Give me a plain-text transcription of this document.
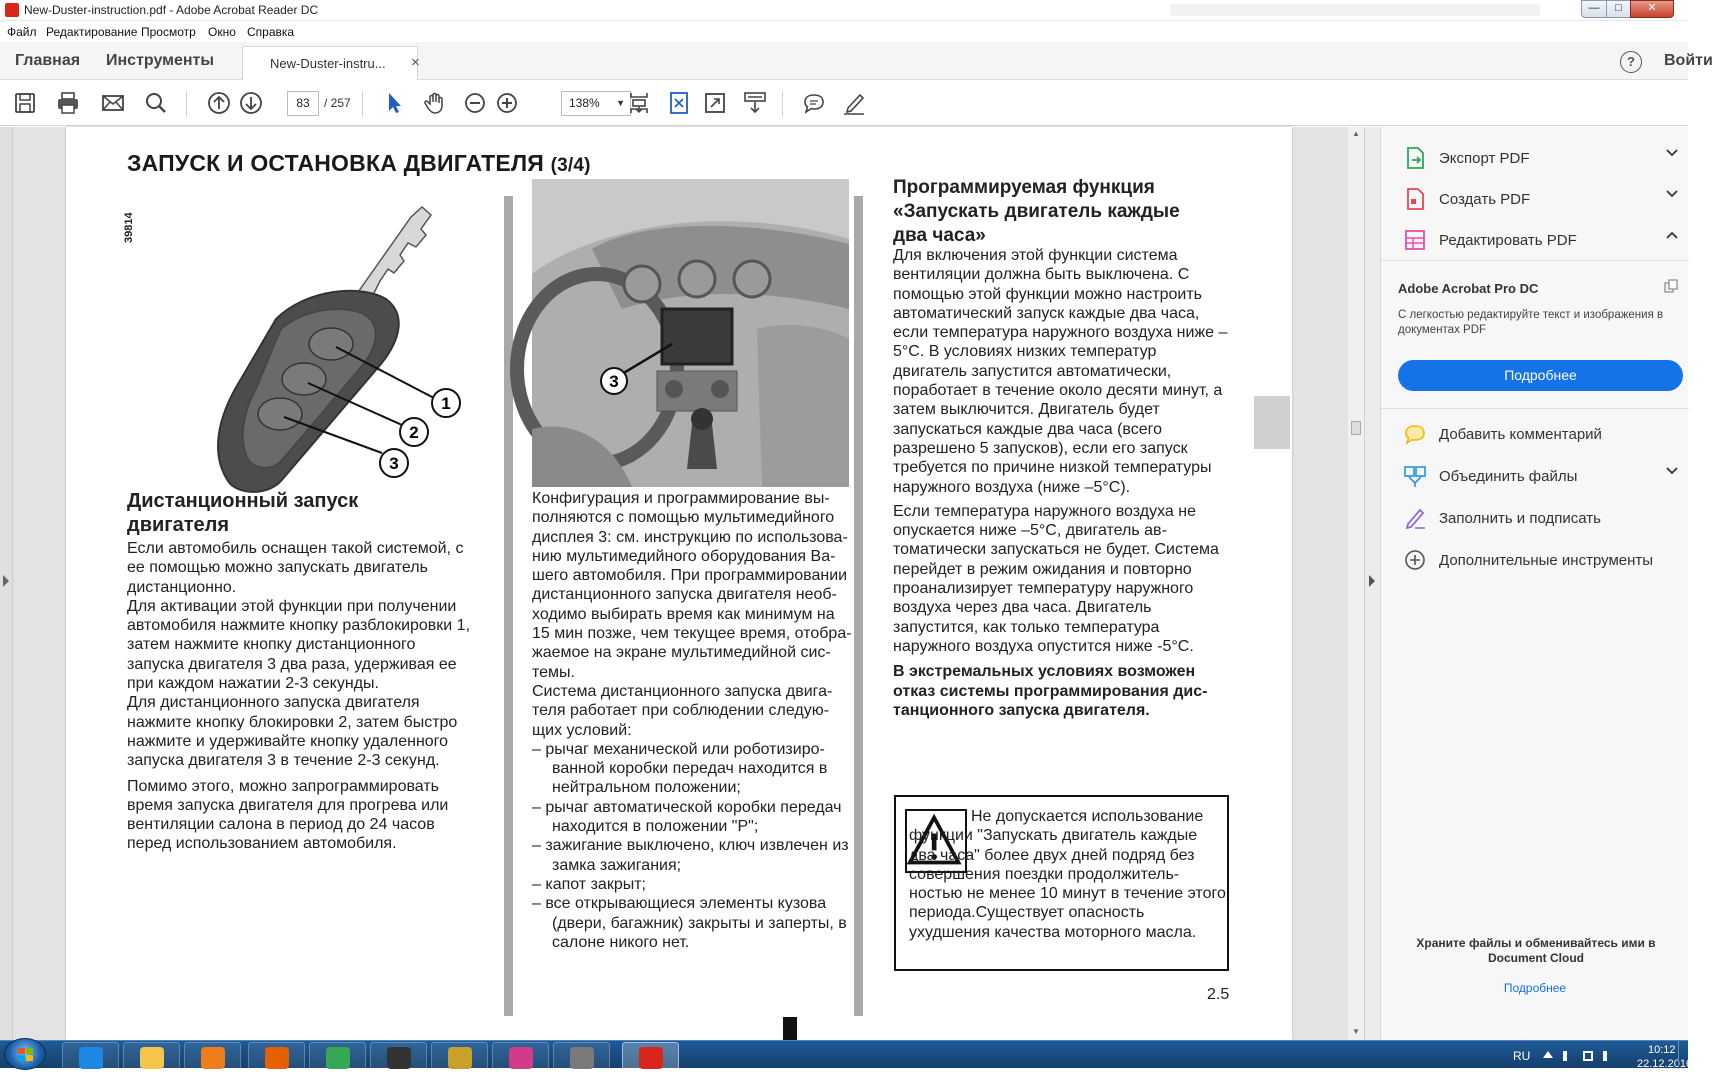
New-Duster-instruction.pdf - Adobe Acrobat Reader DC	—	□	✕
Файл Редактирование Просмотр Окно Справка
Главная Инструменты	New-Duster-instru... ×	?	Войти
83	/ 257	138% ▼
ЗАПУСК И ОСТАНОВКА ДВИГАТЕЛЯ (3/4)
39814
1
2
3
Дистанционный запуск двигателя

Если автомобиль оснащен такой системой, с ее помощью можно запускать двигатель дистанционно.

Для активации этой функции при получении автомобиля нажмите кнопку разблокировки 1, затем нажмите кнопку дистанционного запуска двигателя 3 два раза, удерживая ее при каждом нажатии 2-3 секунды.

Для дистанционного запуска двигателя нажмите кнопку блокировки 2, затем быстро нажмите и удерживайте кнопку удаленного запуска двигателя 3 в течение 2-3 секунд.

Помимо этого, можно запрограммировать время запуска двигателя для прогрева или вентиляции салона в период до 24 часов перед использованием автомобиля.

3

Конфигурация и программирование выполняются с помощью мультимедийного дисплея 3: см. инструкцию по использованию мультимедийного оборудования Вашего автомобиля. При программировании дистанционного запуска двигателя необходимо выбирать время как минимум на 15 мин позже, чем текущее время, отображаемое на экране мультимедийной системы.

Система дистанционного запуска двигателя работает при соблюдении следующих условий:

– рычаг механической или роботизированной коробки передач находится в нейтральном положении;
– рычаг автоматической коробки передач находится в положении "P";
– зажигание выключено, ключ извлечен из замка зажигания;
– капот закрыт;
– все открывающиеся элементы кузова (двери, багажник) закрыты и заперты, в салоне никого нет.
Программируемая функция «Запускать двигатель каждые два часа»

Для включения этой функции система вентиляции должна быть выключена. С помощью этой функции можно настроить автоматический запуск каждые два часа, если температура наружного воздуха ниже –5°C. В условиях низких температур двигатель запустится автоматически, поработает в течение около десяти минут, а затем выключится. Двигатель будет запускаться каждые два часа (всего разрешено 5 запусков), если его запуск требуется по причине низкой температуры наружного воздуха (ниже –5°C).

Если температура наружного воздуха не опускается ниже –5°C, двигатель автоматически запускаться не будет. Система перейдет в режим ожидания и повторно проанализирует температуру наружного воздуха через два часа. Двигатель запустится, как только температура наружного воздуха опустится ниже -5°C.

В экстремальных условиях возможен отказ системы программирования дистанционного запуска двигателя.

Не допускается использование функции "Запускать двигатель каждые два часа" более двух дней подряд без совершения поездки продолжительностью не менее 10 минут в течение этого периода.Существует опасность ухудшения качества моторного масла.
2.5
▲
▼
Экспорт PDF
Создать PDF
Редактировать PDF
Adobe Acrobat Pro DC
С легкостью редактируйте текст и изображения в документах PDF
Подробнее
Добавить комментарий
Объединить файлы
Заполнить и подписать
Дополнительные инструменты
Храните файлы и обменивайтесь ими в Document Cloud
Подробнее
RU	10:12
22.12.2016
